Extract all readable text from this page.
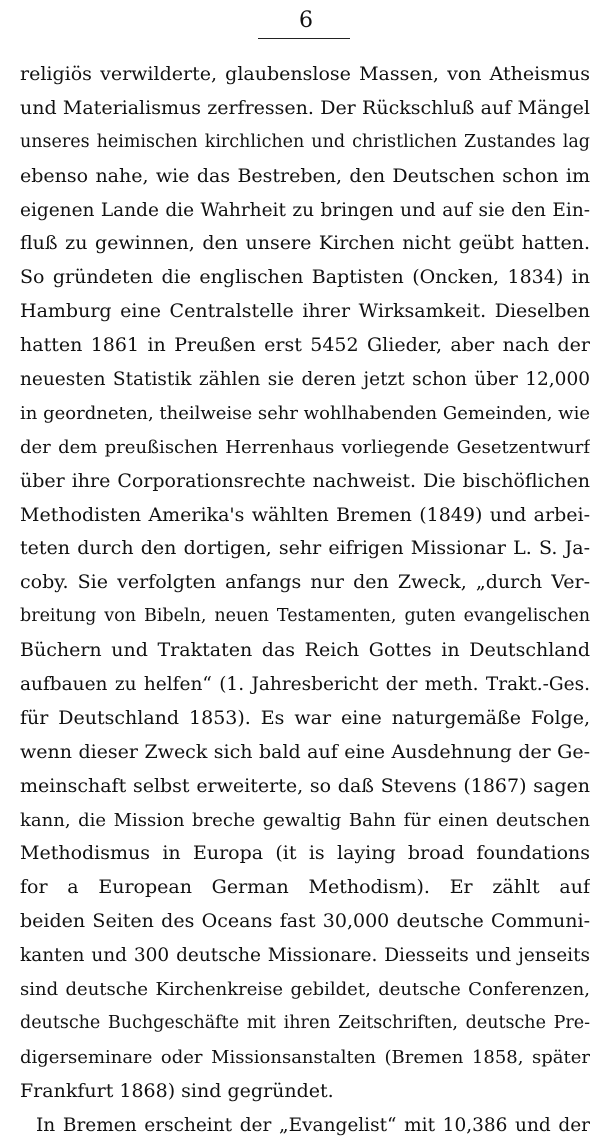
6
religiös verwilderte, glaubenslose Massen, von Atheismus
und Materialismus zerfressen. Der Rückschluß auf Mängel
unseres heimischen kirchlichen und christlichen Zustandes lag
ebenso nahe, wie das Bestreben, den Deutschen schon im
eigenen Lande die Wahrheit zu bringen und auf sie den Ein-
fluß zu gewinnen, den unsere Kirchen nicht geübt hatten.
So gründeten die englischen Baptisten (Oncken, 1834) in
Hamburg eine Centralstelle ihrer Wirksamkeit. Dieselben
hatten 1861 in Preußen erst 5452 Glieder, aber nach der
neuesten Statistik zählen sie deren jetzt schon über 12,000
in geordneten, theilweise sehr wohlhabenden Gemeinden, wie
der dem preußischen Herrenhaus vorliegende Gesetzentwurf
über ihre Corporationsrechte nachweist. Die bischöflichen
Methodisten Amerika's wählten Bremen (1849) und arbei-
teten durch den dortigen, sehr eifrigen Missionar L. S. Ja-
coby. Sie verfolgten anfangs nur den Zweck, „durch Ver-
breitung von Bibeln, neuen Testamenten, guten evangelischen
Büchern und Traktaten das Reich Gottes in Deutschland
aufbauen zu helfen“ (1. Jahresbericht der meth. Trakt.-Ges.
für Deutschland 1853). Es war eine naturgemäße Folge,
wenn dieser Zweck sich bald auf eine Ausdehnung der Ge-
meinschaft selbst erweiterte, so daß Stevens (1867) sagen
kann, die Mission breche gewaltig Bahn für einen deutschen
Methodismus in Europa (it is laying broad foundations
for a European German Methodism). Er zählt auf
beiden Seiten des Oceans fast 30,000 deutsche Communi-
kanten und 300 deutsche Missionare. Diesseits und jenseits
sind deutsche Kirchenkreise gebildet, deutsche Conferenzen,
deutsche Buchgeschäfte mit ihren Zeitschriften, deutsche Pre-
digerseminare oder Missionsanstalten (Bremen 1858, später
Frankfurt 1868) sind gegründet.
In Bremen erscheint der „Evangelist“ mit 10,386 und der
